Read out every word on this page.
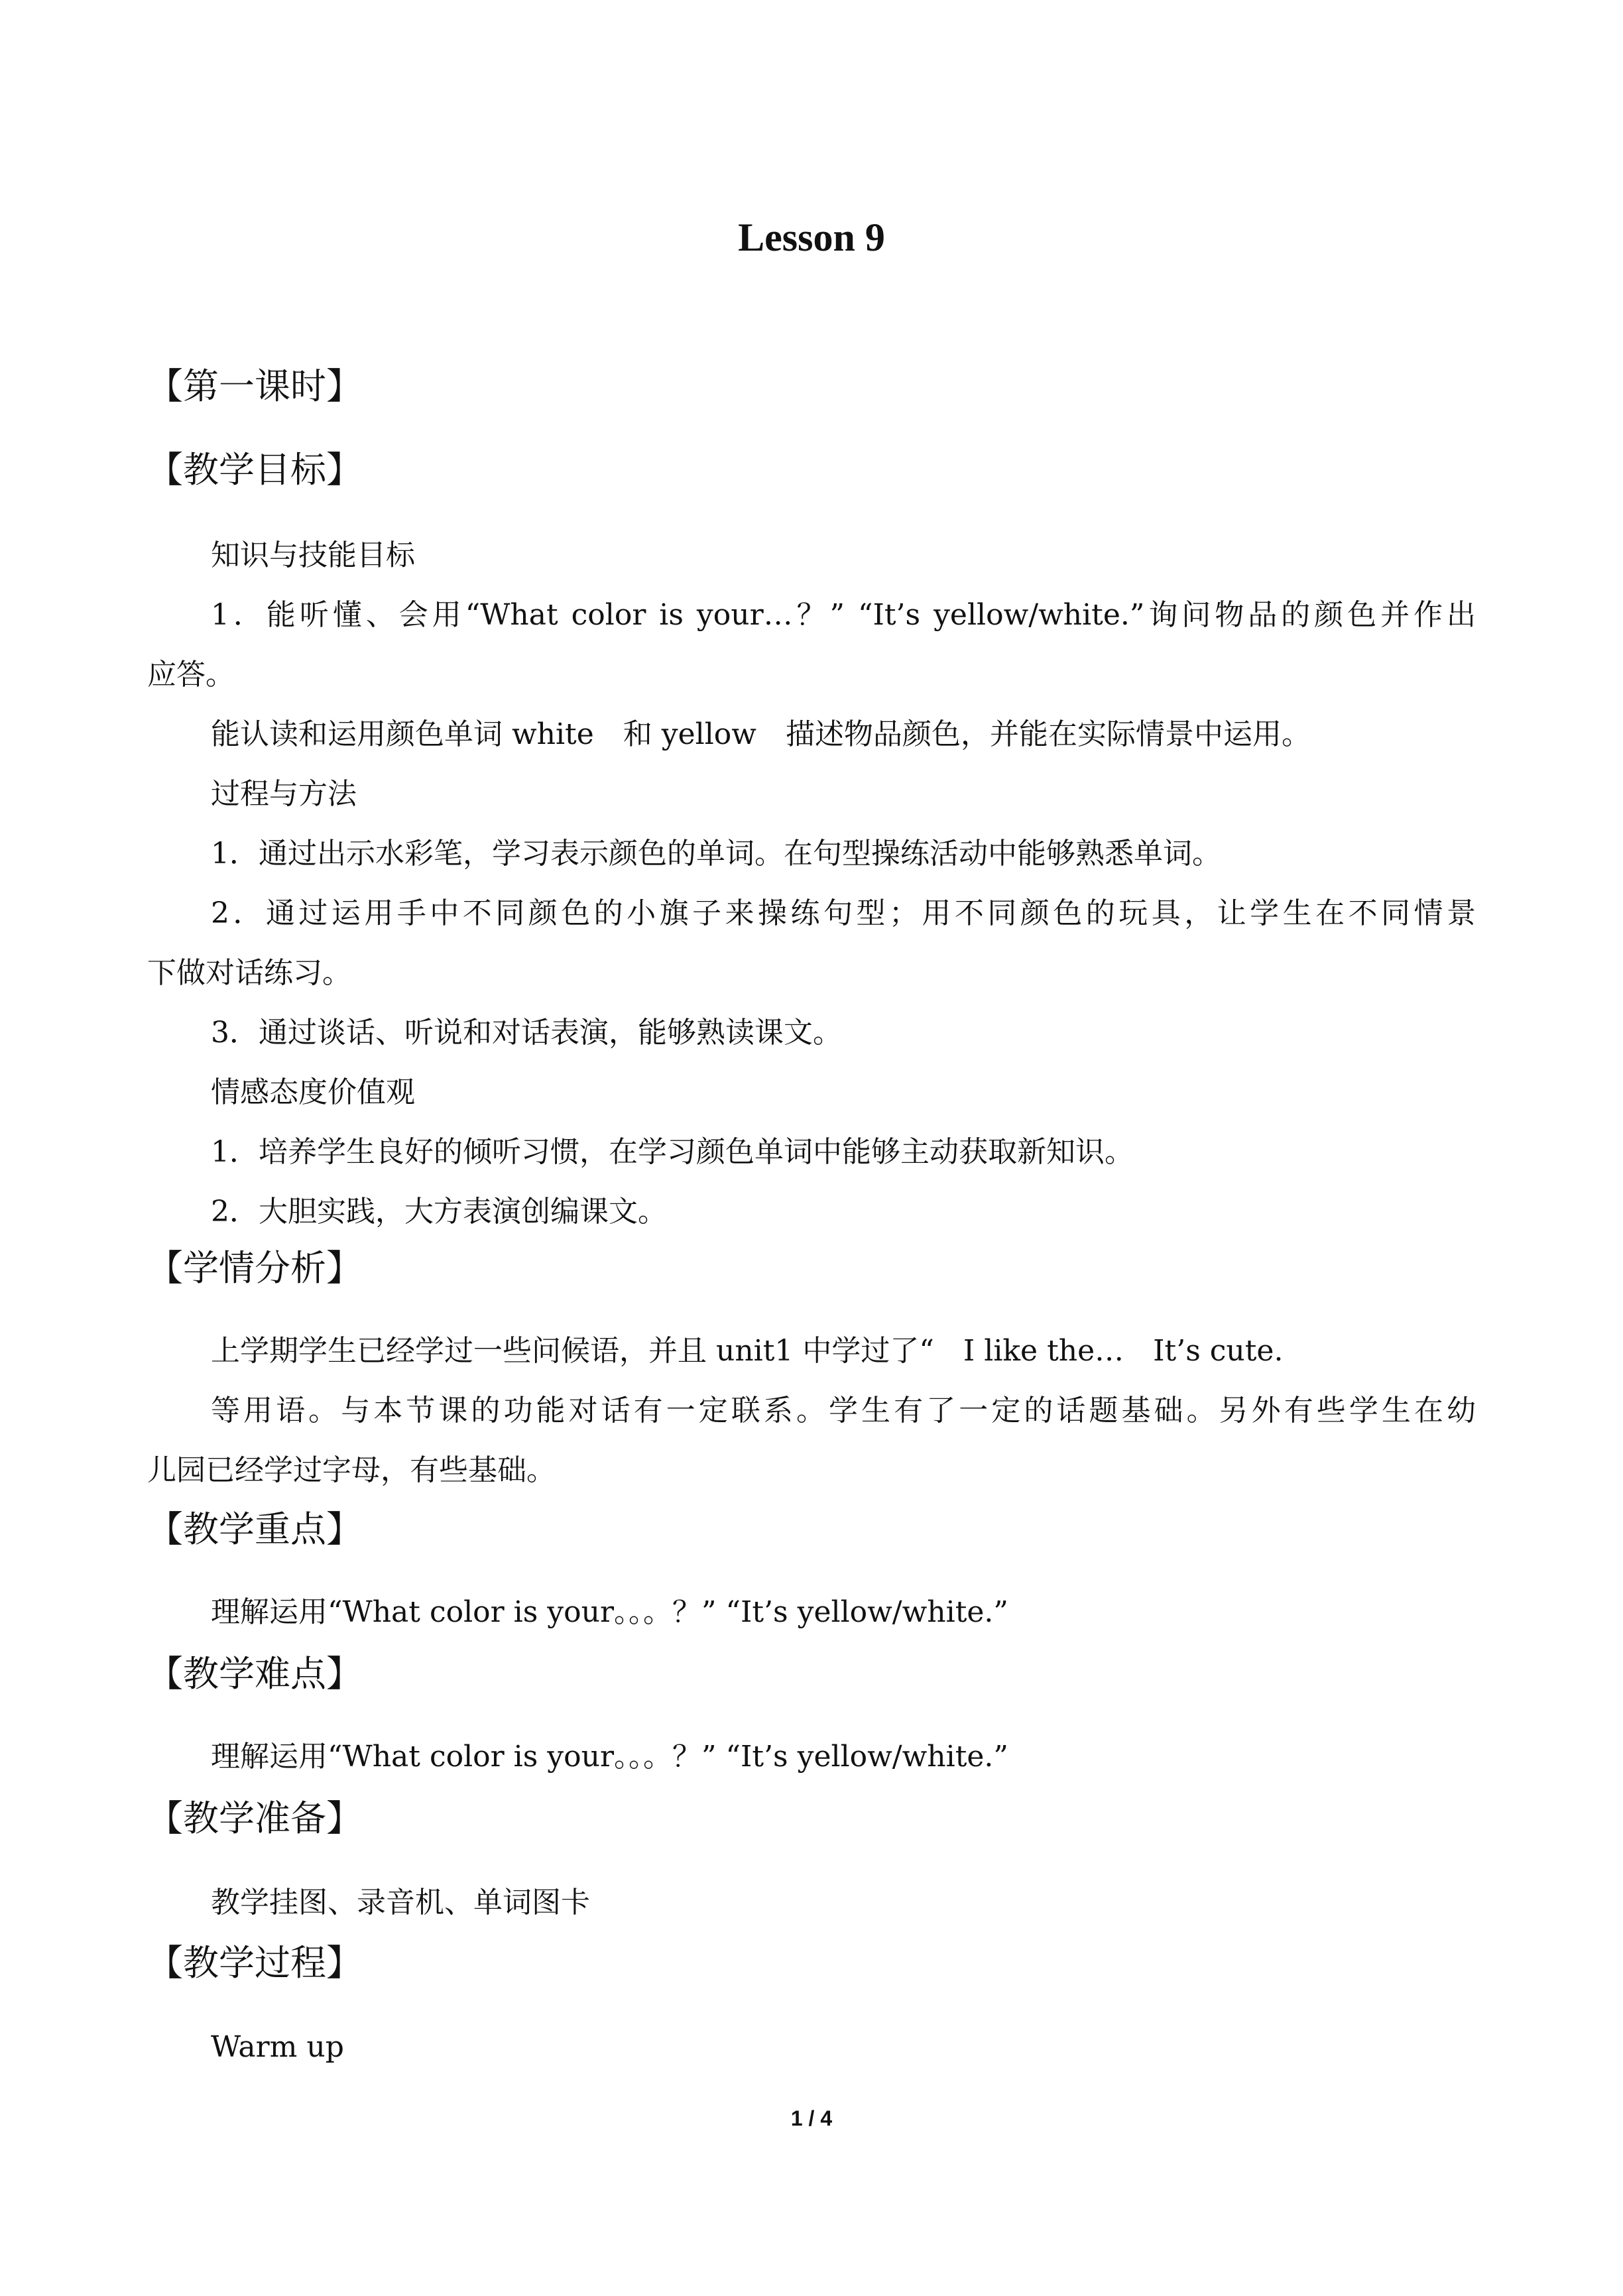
Lesson 9
【第一课时】
【教学目标】
知识与技能目标
1．能听懂、会用“What color is your…？” “It’s yellow/white.”询问物品的颜色并作出
应答。
能认读和运用颜色单词 white　和 yellow　描述物品颜色，并能在实际情景中运用。
过程与方法
1．通过出示水彩笔，学习表示颜色的单词。在句型操练活动中能够熟悉单词。
2．通过运用手中不同颜色的小旗子来操练句型；用不同颜色的玩具，让学生在不同情景
下做对话练习。
3．通过谈话、听说和对话表演，能够熟读课文。
情感态度价值观
1．培养学生良好的倾听习惯，在学习颜色单词中能够主动获取新知识。
2．大胆实践，大方表演创编课文。
【学情分析】
上学期学生已经学过一些问候语，并且 unit1 中学过了“　I like the…　It’s cute.
等用语。与本节课的功能对话有一定联系。学生有了一定的话题基础。另外有些学生在幼
儿园已经学过字母，有些基础。
【教学重点】
理解运用“What color is your。。。？” “It’s yellow/white.”
【教学难点】
理解运用“What color is your。。。？” “It’s yellow/white.”
【教学准备】
教学挂图、录音机、单词图卡
【教学过程】
Warm up
1 / 4
